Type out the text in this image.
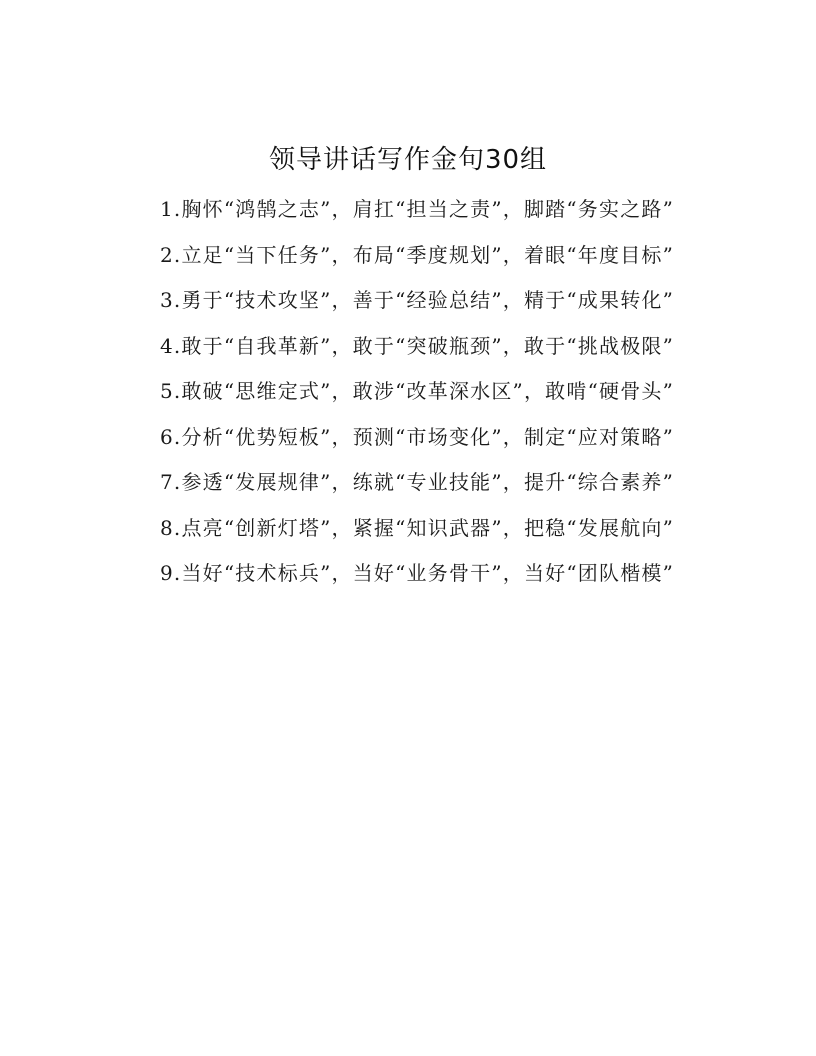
领导讲话写作金句30组

1.胸怀“鸿鹄之志”，肩扛“担当之责”，脚踏“务实之路”

2.立足“当下任务”，布局“季度规划”，着眼“年度目标”

3.勇于“技术攻坚”，善于“经验总结”，精于“成果转化”

4.敢于“自我革新”，敢于“突破瓶颈”，敢于“挑战极限”

5.敢破“思维定式”，敢涉“改革深水区”，敢啃“硬骨头”

6.分析“优势短板”，预测“市场变化”，制定“应对策略”

7.参透“发展规律”，练就“专业技能”，提升“综合素养”

8.点亮“创新灯塔”，紧握“知识武器”，把稳“发展航向”

9.当好“技术标兵”，当好“业务骨干”，当好“团队楷模”
